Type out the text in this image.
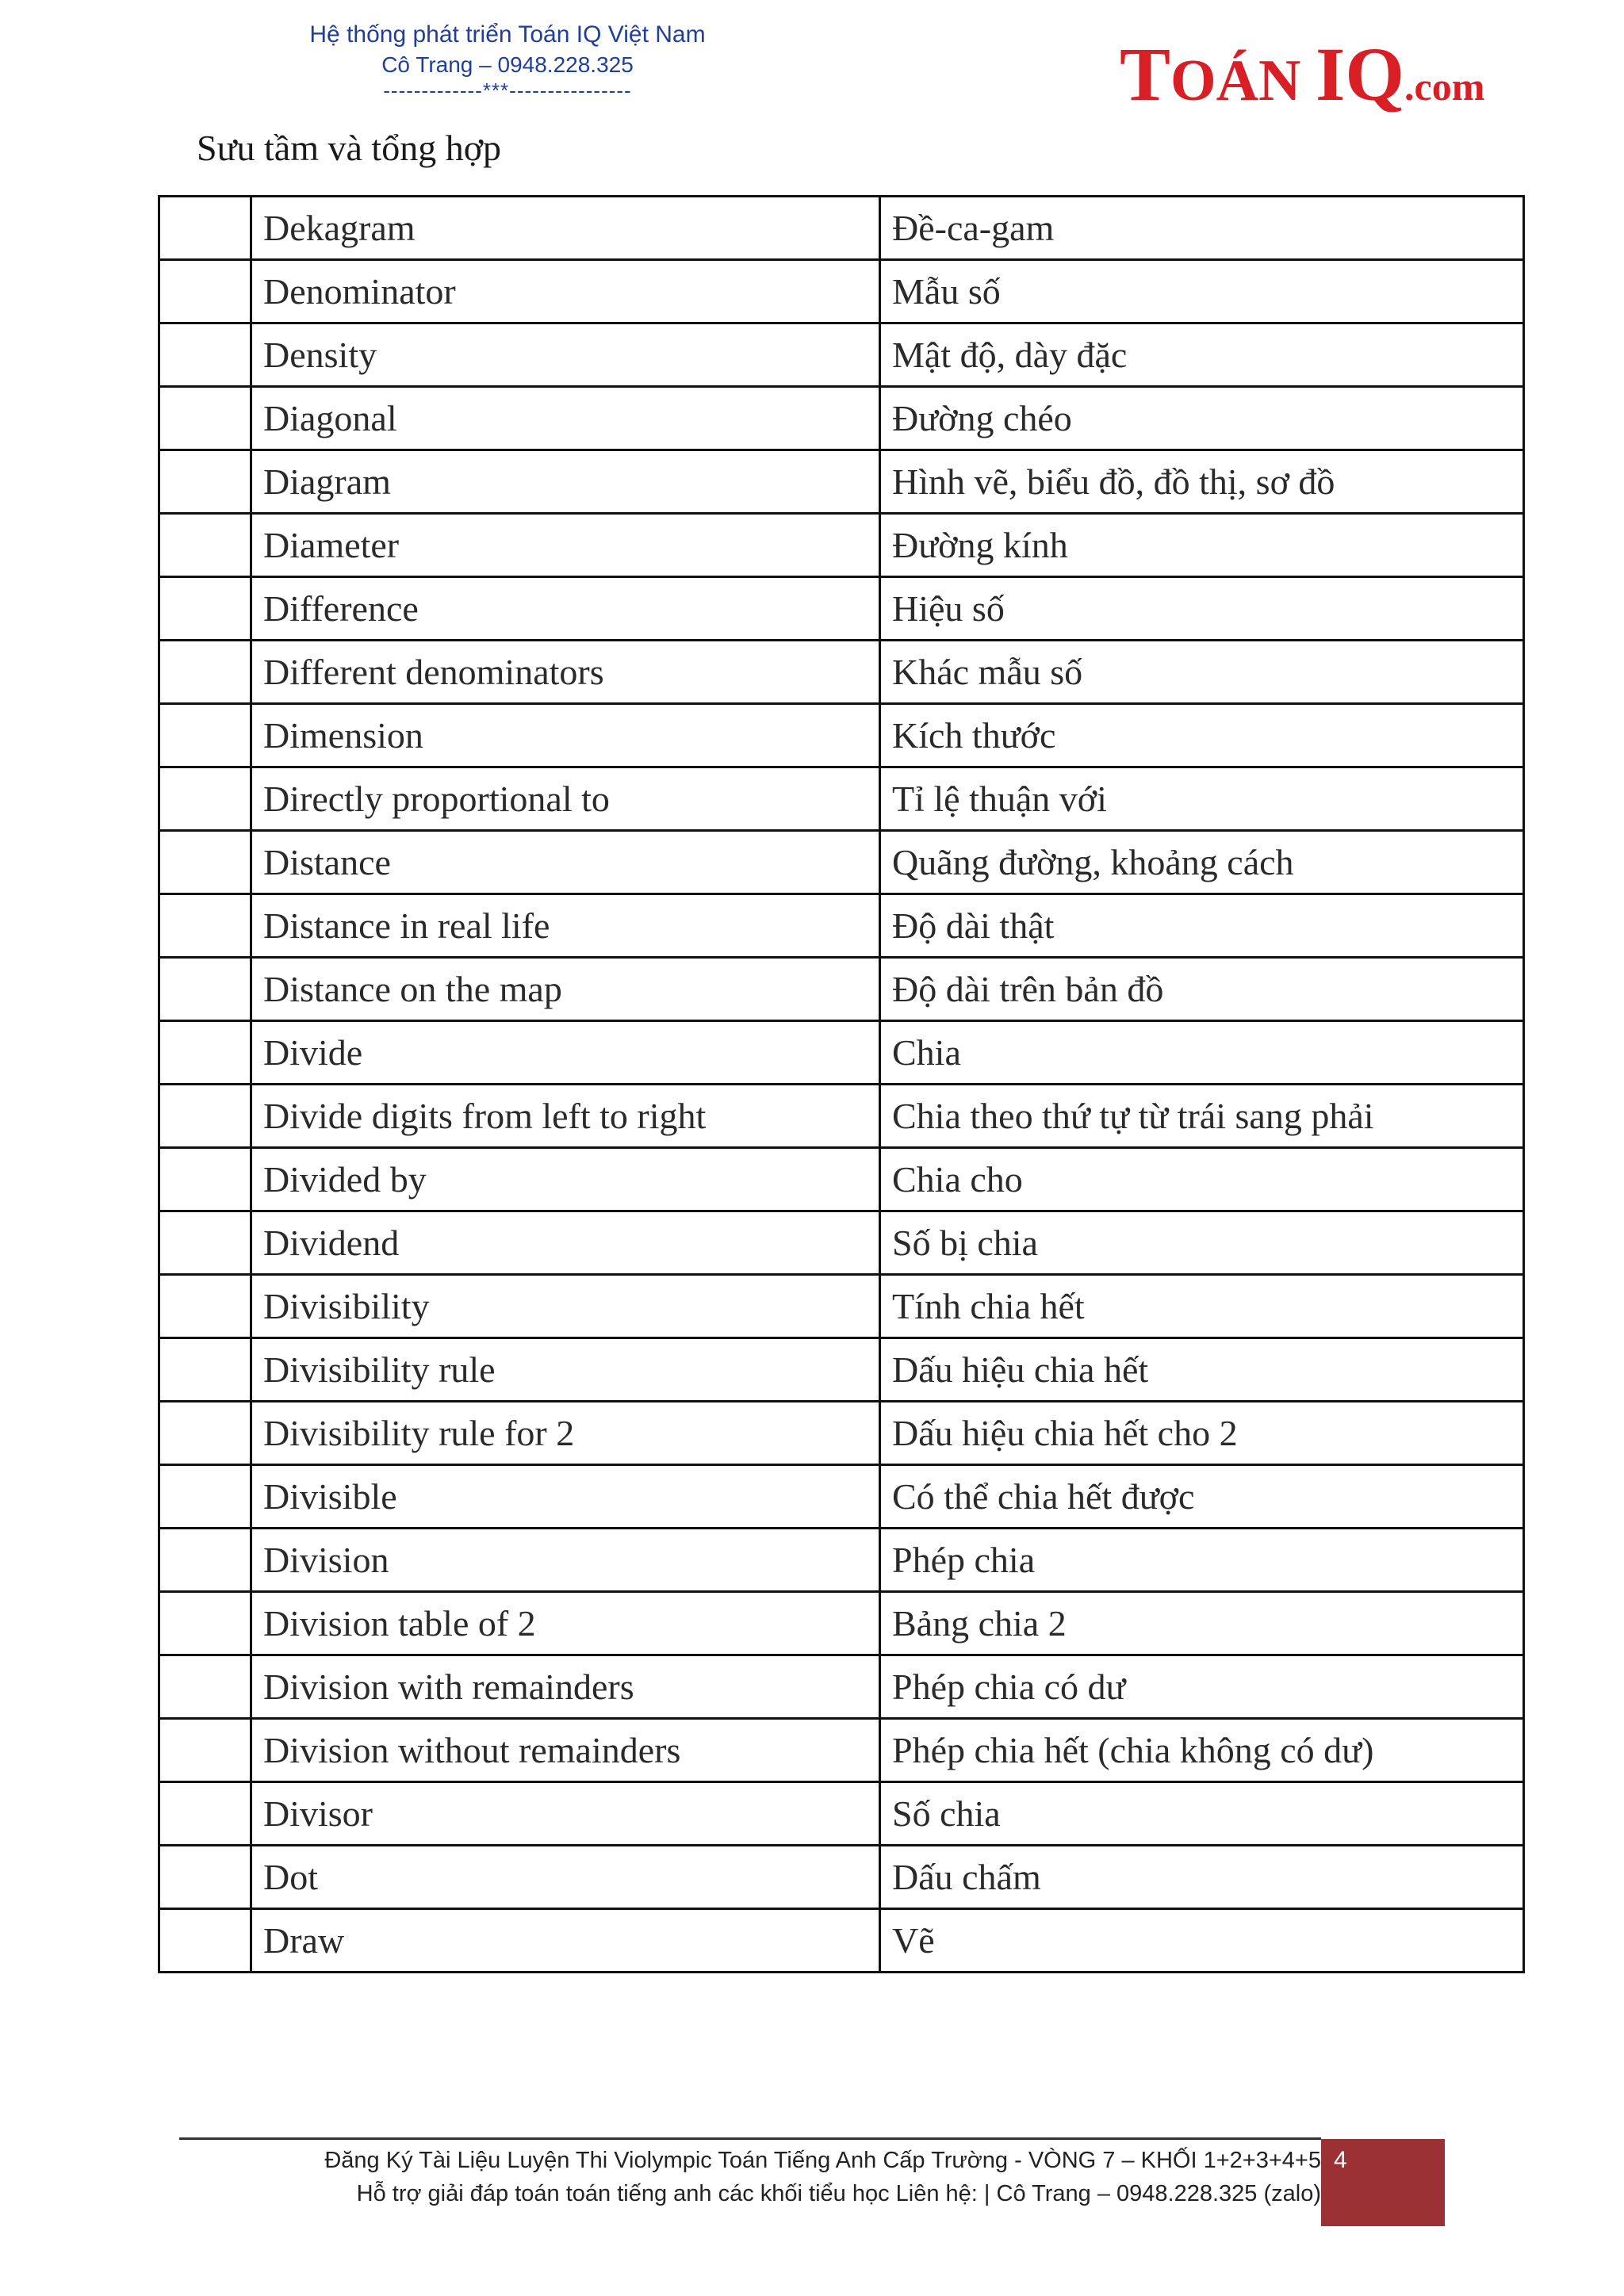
Hệ thống phát triển Toán IQ Việt Nam
Cô Trang – 0948.228.325
-------------***----------------	TOÁN IQ.com
Sưu tầm và tổng hợp
	Dekagram	Đề-ca-gam
	Denominator	Mẫu số
	Density	Mật độ, dày đặc
	Diagonal	Đường chéo
	Diagram	Hình vẽ, biểu đồ, đồ thị, sơ đồ
	Diameter	Đường kính
	Difference	Hiệu số
	Different denominators	Khác mẫu số
	Dimension	Kích thước
	Directly proportional to	Tỉ lệ thuận với
	Distance	Quãng đường, khoảng cách
	Distance in real life	Độ dài thật
	Distance on the map	Độ dài trên bản đồ
	Divide	Chia
	Divide digits from left to right	Chia theo thứ tự từ trái sang phải
	Divided by	Chia cho
	Dividend	Số bị chia
	Divisibility	Tính chia hết
	Divisibility rule	Dấu hiệu chia hết
	Divisibility rule for 2	Dấu hiệu chia hết cho 2
	Divisible	Có thể chia hết được
	Division	Phép chia
	Division table of 2	Bảng chia 2
	Division with remainders	Phép chia có dư
	Division without remainders	Phép chia hết (chia không có dư)
	Divisor	Số chia
	Dot	Dấu chấm
	Draw	Vẽ
Đăng Ký Tài Liệu Luyện Thi Violympic Toán Tiếng Anh Cấp Trường - VÒNG 7 – KHỐI 1+2+3+4+5
Hỗ trợ giải đáp toán toán tiếng anh các khối tiểu học Liên hệ: | Cô Trang – 0948.228.325 (zalo)
4
